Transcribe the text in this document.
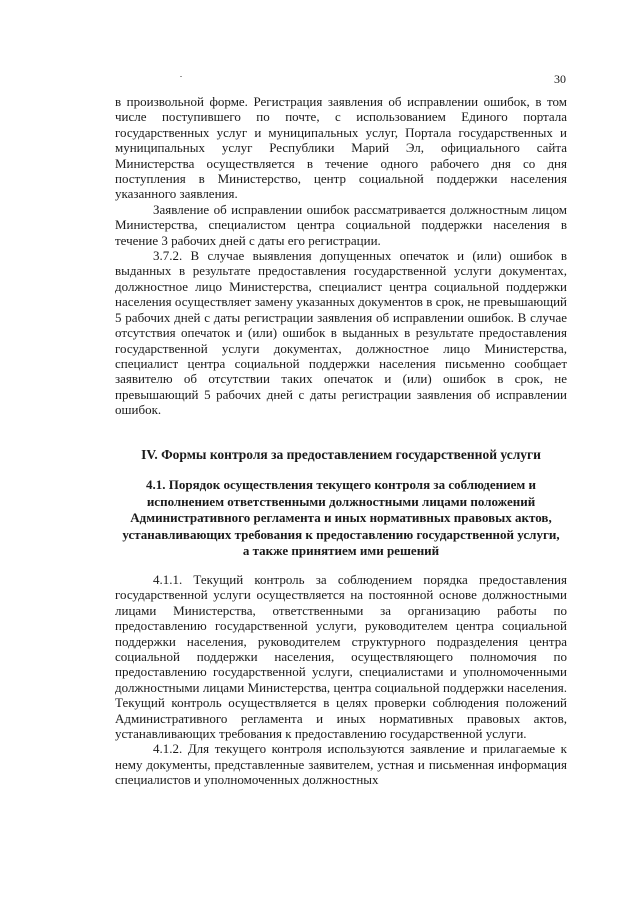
30

в произвольной форме. Регистрация заявления об исправлении ошибок, в том числе поступившего по почте, с использованием Единого портала государственных услуг и муниципальных услуг, Портала государственных и муниципальных услуг Республики Марий Эл, официального сайта Министерства осуществляется в течение одного рабочего дня со дня поступления в Министерство, центр социальной поддержки населения указанного заявления.

Заявление об исправлении ошибок рассматривается должностным лицом Министерства, специалистом центра социальной поддержки населения в течение 3 рабочих дней с даты его регистрации.

3.7.2. В случае выявления допущенных опечаток и (или) ошибок в выданных в результате предоставления государственной услуги документах, должностное лицо Министерства, специалист центра социальной поддержки населения осуществляет замену указанных документов в срок, не превышающий 5 рабочих дней с даты регистрации заявления об исправлении ошибок. В случае отсутствия опечаток и (или) ошибок в выданных в результате предоставления государственной услуги документах, должностное лицо Министерства, специалист центра социальной поддержки населения письменно сообщает заявителю об отсутствии таких опечаток и (или) ошибок в срок, не превышающий 5 рабочих дней с даты регистрации заявления об исправлении ошибок.

IV. Формы контроля за предоставлением государственной услуги
4.1. Порядок осуществления текущего контроля за соблюдением и исполнением ответственными должностными лицами положений Административного регламента и иных нормативных правовых актов, устанавливающих требования к предоставлению государственной услуги, а также принятием ими решений

4.1.1. Текущий контроль за соблюдением порядка предоставления государственной услуги осуществляется на постоянной основе должностными лицами Министерства, ответственными за организацию работы по предоставлению государственной услуги, руководителем центра социальной поддержки населения, руководителем структурного подразделения центра социальной поддержки населения, осуществляющего полномочия по предоставлению государственной услуги, специалистами и уполномоченными должностными лицами Министерства, центра социальной поддержки населения. Текущий контроль осуществляется в целях проверки соблюдения положений Административного регламента и иных нормативных правовых актов, устанавливающих требования к предоставлению государственной услуги.

4.1.2. Для текущего контроля используются заявление и прилагаемые к нему документы, представленные заявителем, устная и письменная информация специалистов и уполномоченных должностных
